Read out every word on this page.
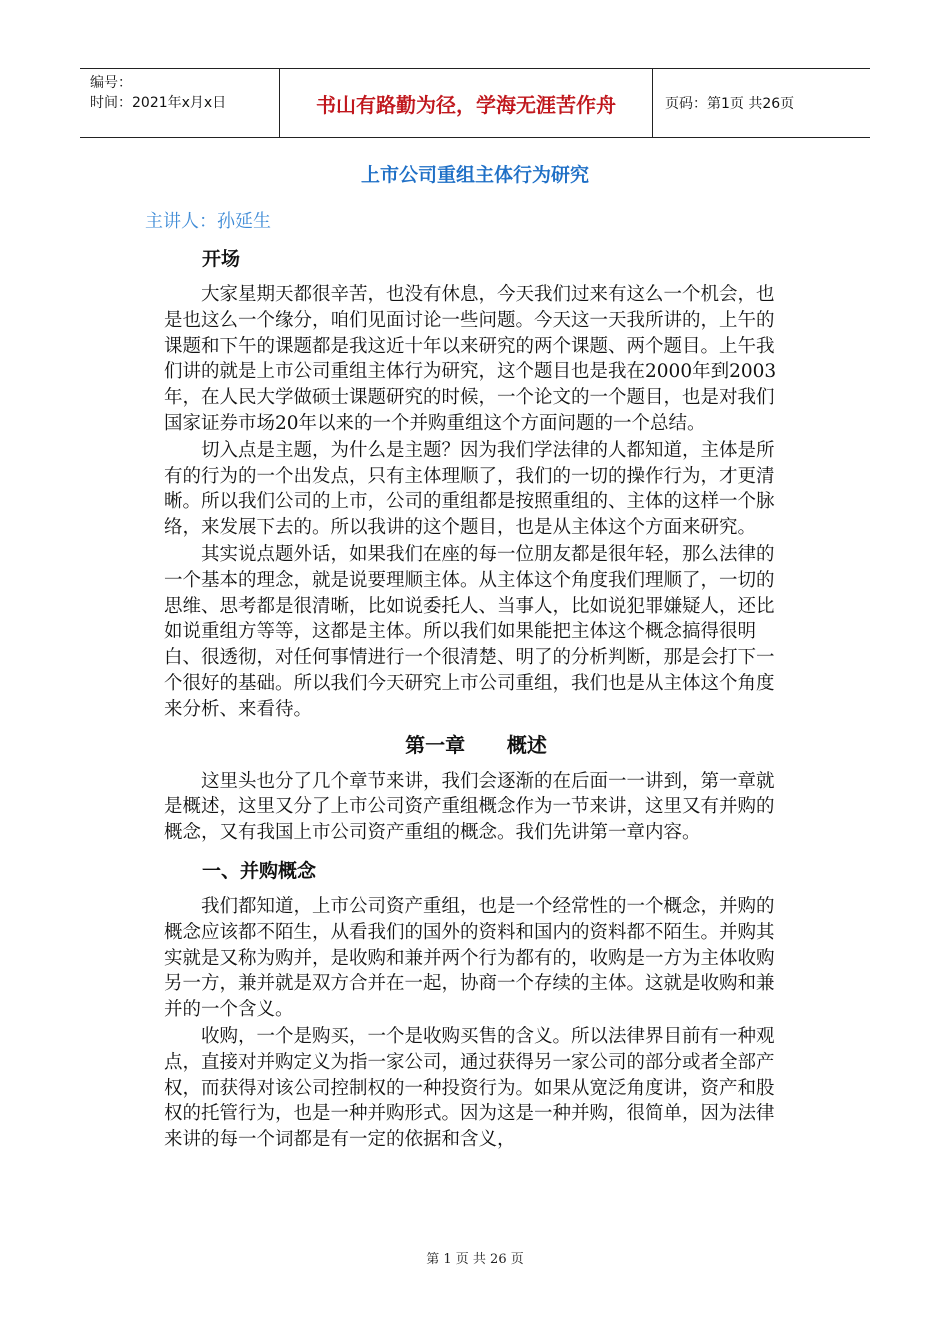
编号：
时间：2021年x月x日	书山有路勤为径，学海无涯苦作舟	页码：第1页 共26页
上市公司重组主体行为研究
主讲人：孙延生
开场

大家星期天都很辛苦，也没有休息，今天我们过来有这么一个机会，也是也这么一个缘分，咱们见面讨论一些问题。今天这一天我所讲的，上午的课题和下午的课题都是我这近十年以来研究的两个课题、两个题目。上午我们讲的就是上市公司重组主体行为研究，这个题目也是我在2000年到2003年，在人民大学做硕士课题研究的时候，一个论文的一个题目，也是对我们国家证券市场20年以来的一个并购重组这个方面问题的一个总结。

切入点是主题，为什么是主题？因为我们学法律的人都知道，主体是所有的行为的一个出发点，只有主体理顺了，我们的一切的操作行为，才更清晰。所以我们公司的上市，公司的重组都是按照重组的、主体的这样一个脉络，来发展下去的。所以我讲的这个题目，也是从主体这个方面来研究。

其实说点题外话，如果我们在座的每一位朋友都是很年轻，那么法律的一个基本的理念，就是说要理顺主体。从主体这个角度我们理顺了，一切的思维、思考都是很清晰，比如说委托人、当事人，比如说犯罪嫌疑人，还比如说重组方等等，这都是主体。所以我们如果能把主体这个概念搞得很明白、很透彻，对任何事情进行一个很清楚、明了的分析判断，那是会打下一个很好的基础。所以我们今天研究上市公司重组，我们也是从主体这个角度来分析、来看待。

第一章      概述

这里头也分了几个章节来讲，我们会逐渐的在后面一一讲到，第一章就是概述，这里又分了上市公司资产重组概念作为一节来讲，这里又有并购的概念，又有我国上市公司资产重组的概念。我们先讲第一章内容。

一、并购概念

我们都知道，上市公司资产重组，也是一个经常性的一个概念，并购的概念应该都不陌生，从看我们的国外的资料和国内的资料都不陌生。并购其实就是又称为购并，是收购和兼并两个行为都有的，收购是一方为主体收购另一方，兼并就是双方合并在一起，协商一个存续的主体。这就是收购和兼并的一个含义。

收购，一个是购买，一个是收购买售的含义。所以法律界目前有一种观点，直接对并购定义为指一家公司，通过获得另一家公司的部分或者全部产权，而获得对该公司控制权的一种投资行为。如果从宽泛角度讲，资产和股权的托管行为，也是一种并购形式。因为这是一种并购，很简单，因为法律来讲的每一个词都是有一定的依据和含义，

第 1 页 共 26 页
